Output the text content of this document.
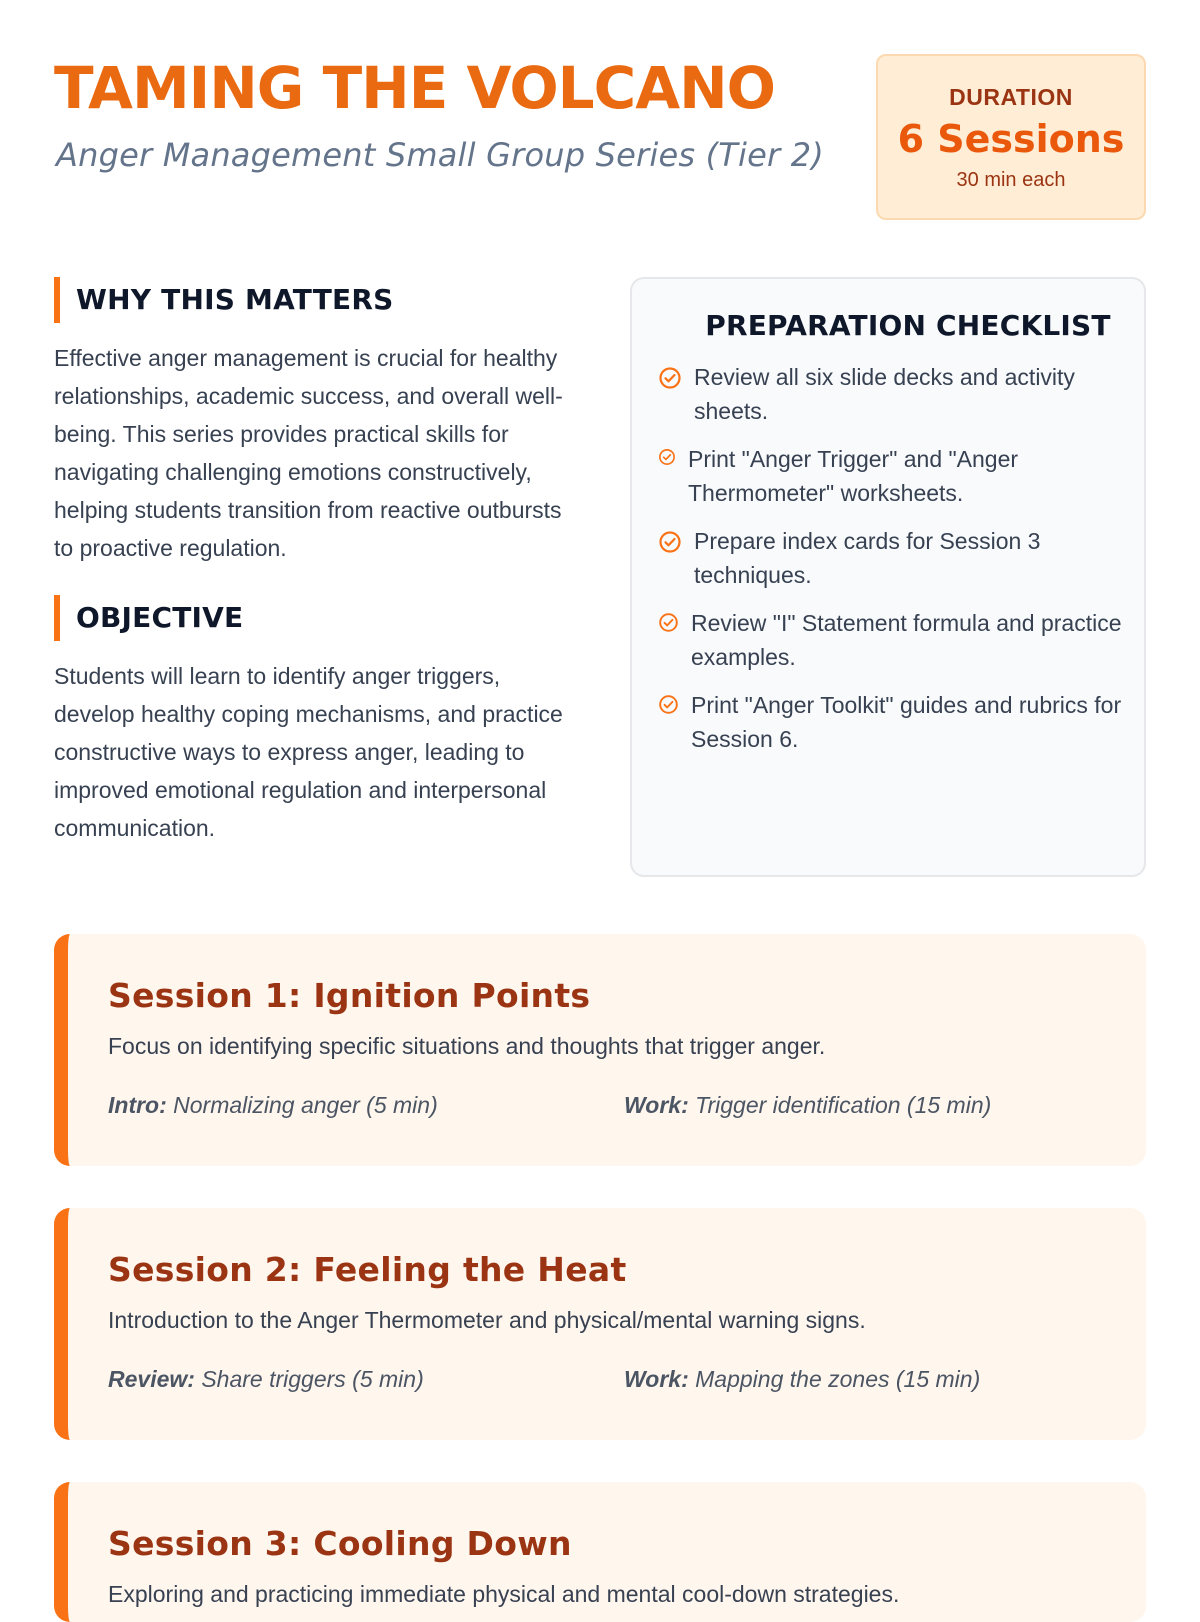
TAMING THE VOLCANO

Anger Management Small Group Series (Tier 2)

DURATION
6 Sessions
30 min each
WHY THIS MATTERS

Effective anger management is crucial for healthy relationships, academic success, and overall well-being. This series provides practical skills for navigating challenging emotions constructively, helping students transition from reactive outbursts to proactive regulation.

OBJECTIVE

Students will learn to identify anger triggers, develop healthy coping mechanisms, and practice constructive ways to express anger, leading to improved emotional regulation and interpersonal communication.

PREPARATION CHECKLIST
Review all six slide decks and activity sheets.
Print "Anger Trigger" and "Anger Thermometer" worksheets.
Prepare index cards for Session 3 techniques.
Review "I" Statement formula and practice examples.
Print "Anger Toolkit" guides and rubrics for Session 6.
Session 1: Ignition Points
Focus on identifying specific situations and thoughts that trigger anger.
Intro: Normalizing anger (5 min)	Work: Trigger identification (15 min)
Session 2: Feeling the Heat
Introduction to the Anger Thermometer and physical/mental warning signs.
Review: Share triggers (5 min)	Work: Mapping the zones (15 min)
Session 3: Cooling Down
Exploring and practicing immediate physical and mental cool-down strategies.
